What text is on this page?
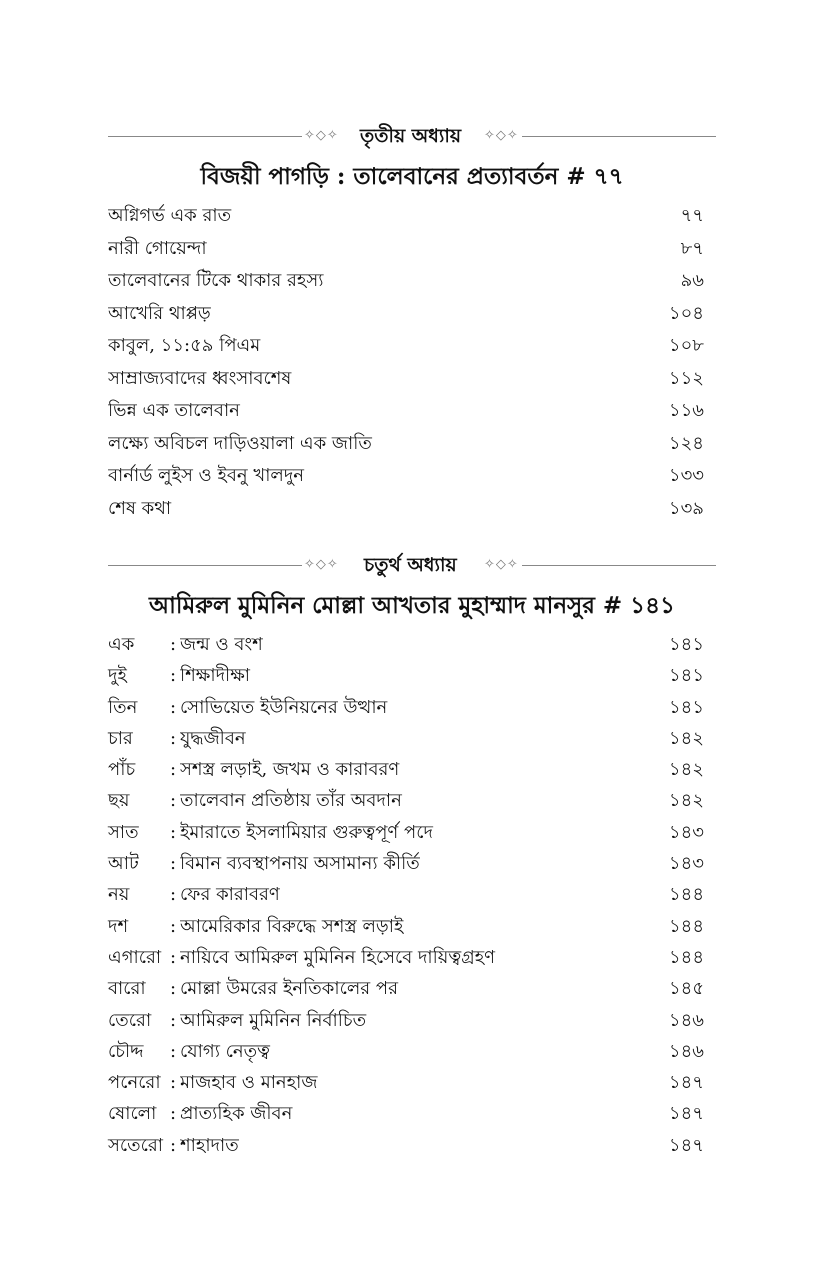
✧◇✧ তৃতীয় অধ্যায় ✧◇✧
বিজয়ী পাগড়ি : তালেবানের প্রত্যাবর্তন # ৭৭
অগ্নিগর্ভ এক রাত	৭৭
নারী গোয়েন্দা	৮৭
তালেবানের টিকে থাকার রহস্য	৯৬
আখেরি থাপ্পড়	১০৪
কাবুল, ১১:৫৯ পিএম	১০৮
সাম্রাজ্যবাদের ধ্বংসাবশেষ	১১২
ভিন্ন এক তালেবান	১১৬
লক্ষ্যে অবিচল দাড়িওয়ালা এক জাতি	১২৪
বার্নার্ড লুইস ও ইবনু খালদুন	১৩৩
শেষ কথা	১৩৯
✧◇✧ চতুর্থ অধ্যায় ✧◇✧
আমিরুল মুমিনিন মোল্লা আখতার মুহাম্মাদ মানসুর # ১৪১
এক	: জন্ম ও বংশ	১৪১
দুই	: শিক্ষাদীক্ষা	১৪১
তিন	: সোভিয়েত ইউনিয়নের উত্থান	১৪১
চার	: যুদ্ধজীবন	১৪২
পাঁচ	: সশস্ত্র লড়াই, জখম ও কারাবরণ	১৪২
ছয়	: তালেবান প্রতিষ্ঠায় তাঁর অবদান	১৪২
সাত	: ইমারাতে ইসলামিয়ার গুরুত্বপূর্ণ পদে	১৪৩
আট	: বিমান ব্যবস্থাপনায় অসামান্য কীর্তি	১৪৩
নয়	: ফের কারাবরণ	১৪৪
দশ	: আমেরিকার বিরুদ্ধে সশস্ত্র লড়াই	১৪৪
এগারো : নায়িবে আমিরুল মুমিনিন হিসেবে দায়িত্বগ্রহণ	১৪৪
বারো	: মোল্লা উমরের ইনতিকালের পর	১৪৫
তেরো	: আমিরুল মুমিনিন নির্বাচিত	১৪৬
চৌদ্দ	: যোগ্য নেতৃত্ব	১৪৬
পনেরো : মাজহাব ও মানহাজ	১৪৭
ষোলো : প্রাত্যহিক জীবন	১৪৭
সতেরো : শাহাদাত	১৪৭
